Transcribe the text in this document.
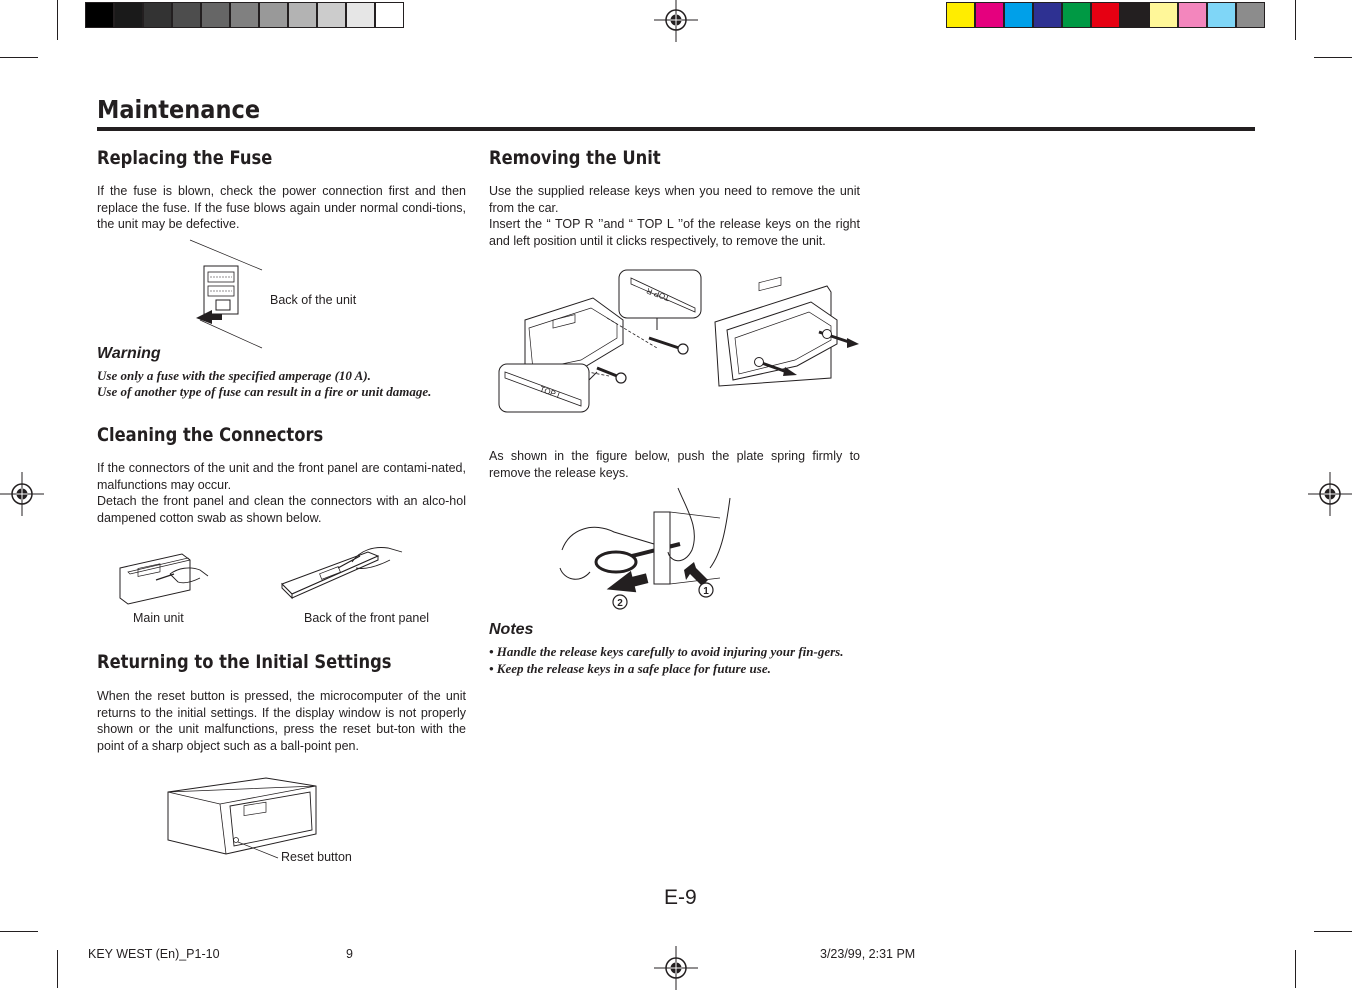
Maintenance
Replacing the Fuse

If the fuse is blown, check the power connection first and then replace the fuse. If the fuse blows again under normal condi-tions, the unit may be defective.

Back of the unit
Warning

Use only a fuse with the specified amperage (10 A).

Use of another type of fuse can result in a fire or unit damage.

Cleaning the Connectors

If the connectors of the unit and the front panel are contami-nated, malfunctions may occur.

Detach the front panel and clean the connectors with an alco-hol dampened cotton swab as shown below.

Main unit	Back of the front panel
Returning to the Initial Settings

When the reset button is pressed, the microcomputer of the unit returns to the initial settings. If the display window is not properly shown or the unit malfunctions, press the reset but-ton with the point of a sharp object such as a ball-point pen.

Reset button
Removing the Unit

Use the supplied release keys when you need to remove the unit from the car.

Insert the “ TOP R ’’and “ TOP L ’’of the release keys on the right and left position until it clicks respectively, to remove the unit.

TOP R
TOP L

As shown in the figure below, push the plate spring firmly to remove the release keys.

2
1
Notes

• Handle the release keys carefully to avoid injuring your fin-gers.

• Keep the release keys in a safe place for future use.

E-9
KEY WEST (En)_P1-10	9	3/23/99, 2:31 PM
